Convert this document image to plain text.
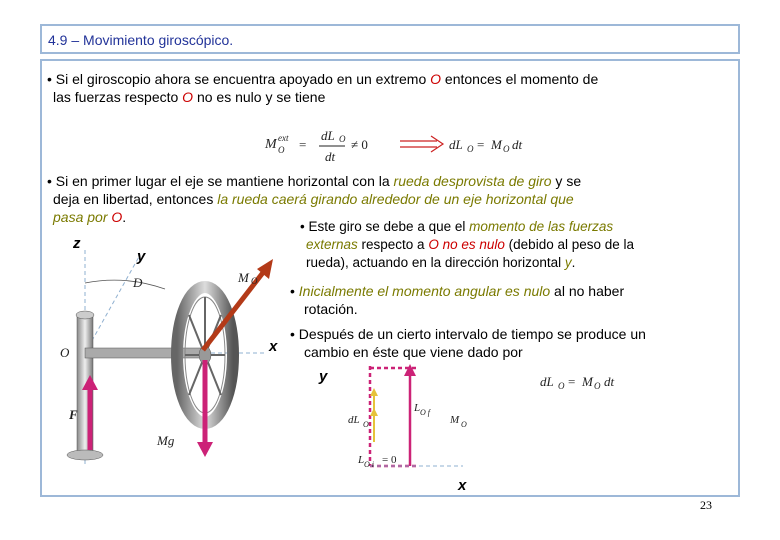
4.9 – Movimiento giroscópico.
• Si el giroscopio ahora se encuentra apoyado en un extremo O entonces el momento de
las fuerzas respecto O no es nulo y se tiene
M ext
O =
dL O
dt
≠ 0	dL O = M O dt
• Si en primer lugar el eje se mantiene horizontal con la rueda desprovista de giro y se
deja en libertad, entonces la rueda caerá girando alrededor de un eje horizontal que
pasa por O.
• Este giro se debe a que el momento de las fuerzas
externas respecto a O no es nulo (debido al peso de la
rueda), actuando en la dirección horizontal y.
• Inicialmente el momento angular es nulo al no haber
rotación.
• Después de un cierto intervalo de tiempo se produce un
cambio en éste que viene dado por
dL O = M O dt
z
y
x
D
O
M O
F
Mg
y
x
dL O
L O f
M O
L O i = 0
23
